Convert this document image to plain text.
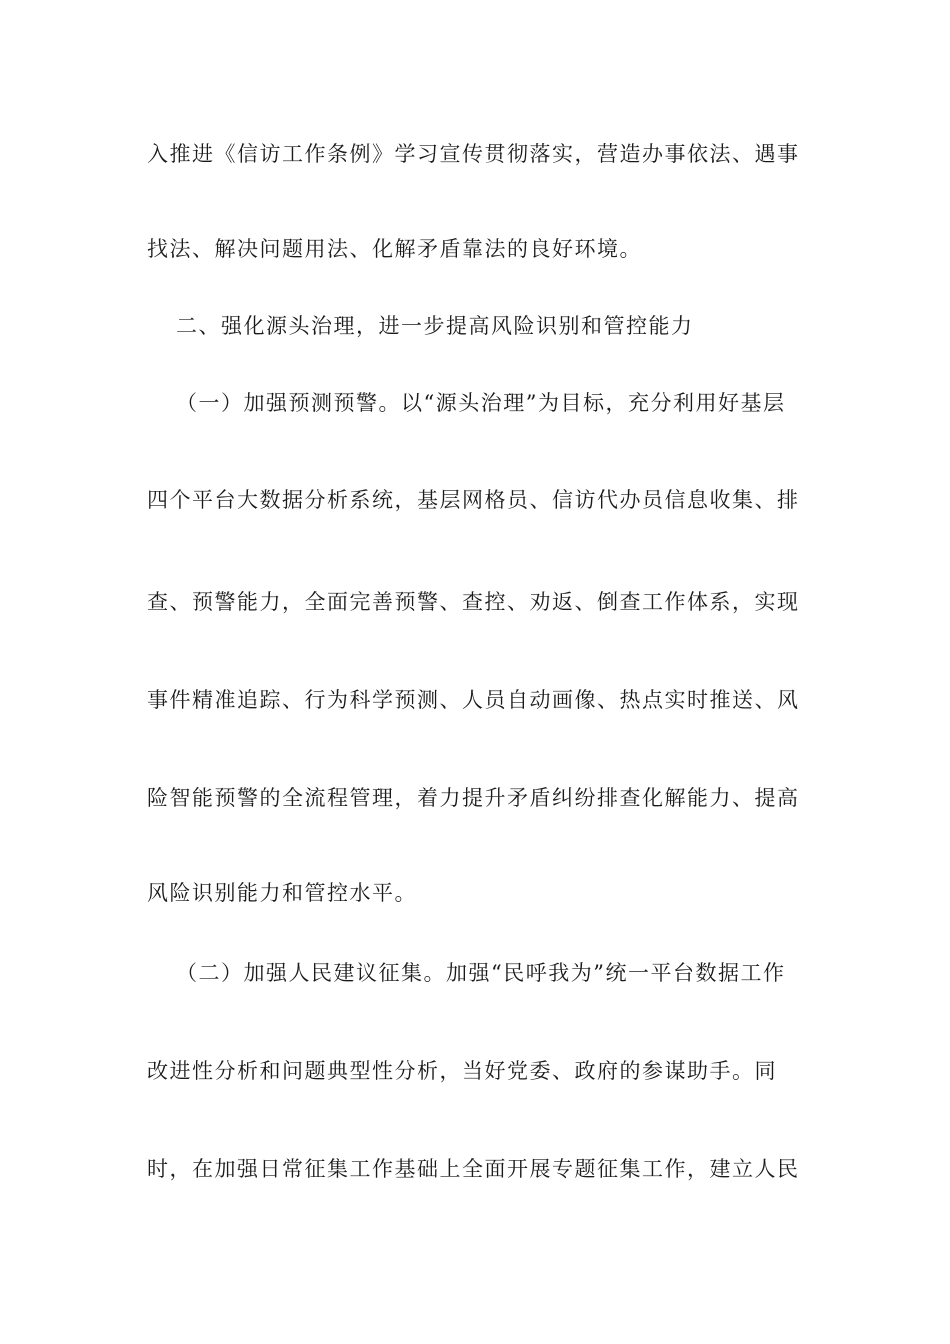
入推进《信访工作条例》学习宣传贯彻落实，营造办事依法、遇事
找法、解决问题用法、化解矛盾靠法的良好环境。
二、强化源头治理，进一步提高风险识别和管控能力
（一）加强预测预警。以“源头治理”为目标，充分利用好基层
四个平台大数据分析系统，基层网格员、信访代办员信息收集、排
查、预警能力，全面完善预警、查控、劝返、倒查工作体系，实现
事件精准追踪、行为科学预测、人员自动画像、热点实时推送、风
险智能预警的全流程管理，着力提升矛盾纠纷排查化解能力、提高
风险识别能力和管控水平。
（二）加强人民建议征集。加强“民呼我为”统一平台数据工作
改进性分析和问题典型性分析，当好党委、政府的参谋助手。同
时，在加强日常征集工作基础上全面开展专题征集工作，建立人民
